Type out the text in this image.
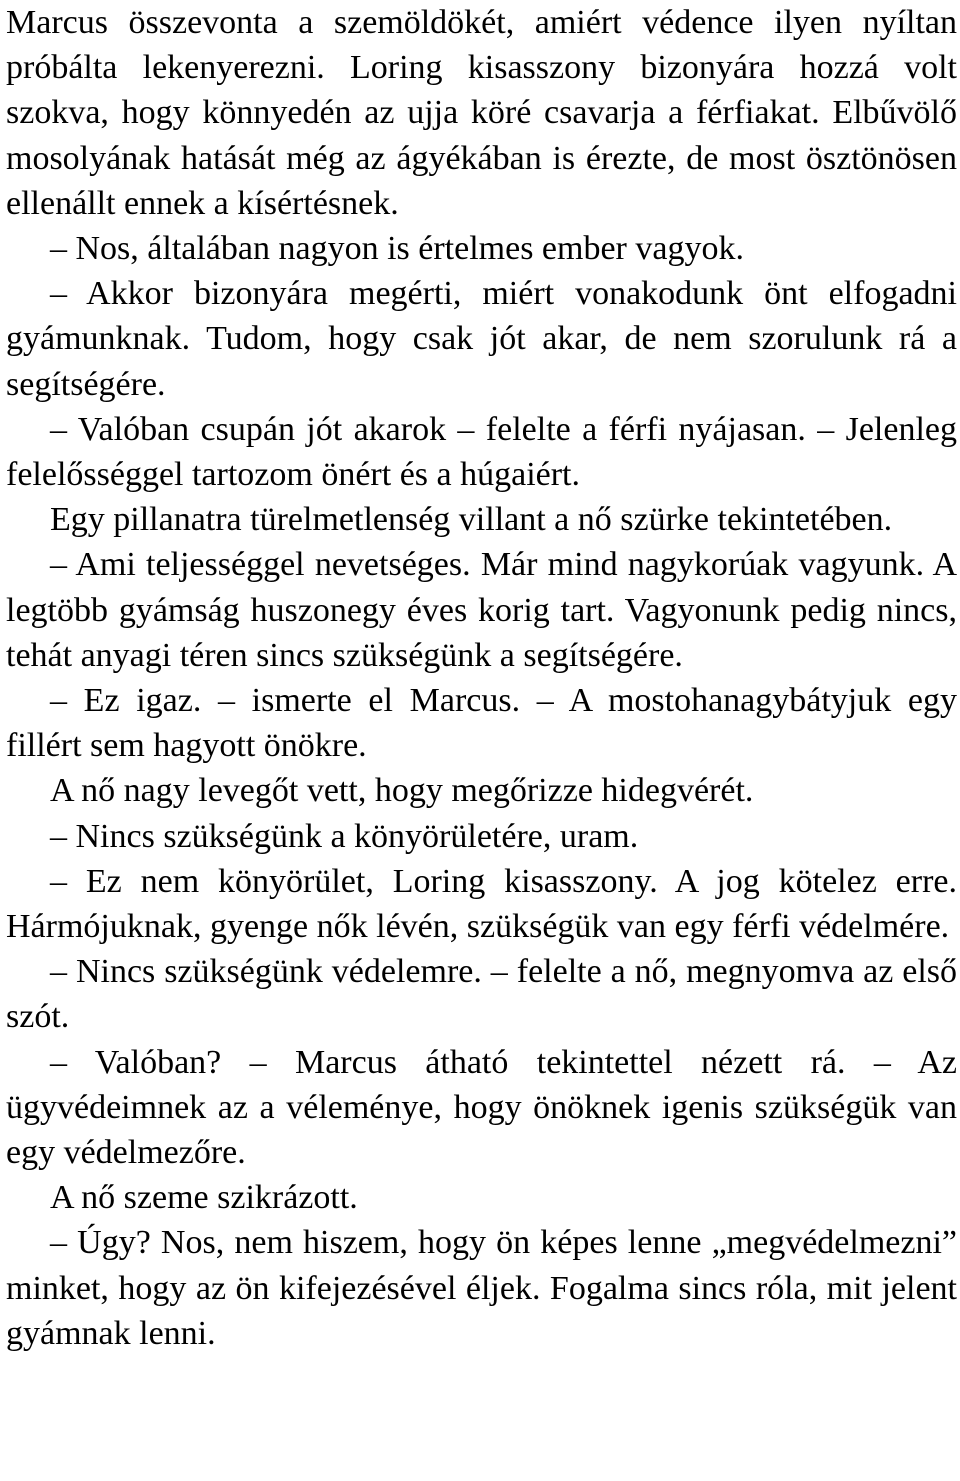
Marcus összevonta a szemöldökét, amiért védence ilyen nyíltan próbálta lekenyerezni. Loring kisasszony bizonyára hozzá volt szokva, hogy könnyedén az ujja köré csavarja a férfiakat. Elbűvölő mosolyának hatását még az ágyékában is érezte, de most ösztönösen ellenállt ennek a kísértésnek.

– Nos, általában nagyon is értelmes ember vagyok.

– Akkor bizonyára megérti, miért vonakodunk önt elfogadni gyámunknak. Tudom, hogy csak jót akar, de nem szorulunk rá a segítségére.

– Valóban csupán jót akarok – felelte a férfi nyájasan. – Jelenleg felelősséggel tartozom önért és a húgaiért.

Egy pillanatra türelmetlenség villant a nő szürke tekintetében.

– Ami teljességgel nevetséges. Már mind nagykorúak vagyunk. A legtöbb gyámság huszonegy éves korig tart. Vagyonunk pedig nincs, tehát anyagi téren sincs szükségünk a segítségére.

– Ez igaz. – ismerte el Marcus. – A mostohanagybátyjuk egy fillért sem hagyott önökre.

A nő nagy levegőt vett, hogy megőrizze hidegvérét.

– Nincs szükségünk a könyörületére, uram.

– Ez nem könyörület, Loring kisasszony. A jog kötelez erre. Hármójuknak, gyenge nők lévén, szükségük van egy férfi védelmére.

– Nincs szükségünk védelemre. – felelte a nő, megnyomva az első szót.

– Valóban? – Marcus átható tekintettel nézett rá. – Az ügyvédeimnek az a véleménye, hogy önöknek igenis szükségük van egy védelmezőre.

A nő szeme szikrázott.

– Úgy? Nos, nem hiszem, hogy ön képes lenne „megvédelmezni” minket, hogy az ön kifejezésével éljek. Fogalma sincs róla, mit jelent gyámnak lenni.
